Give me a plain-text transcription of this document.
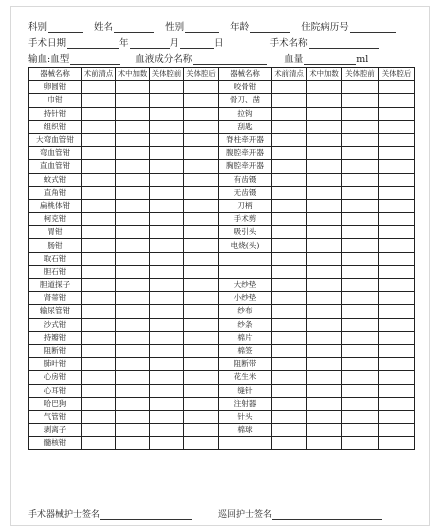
科别	姓名	性别	年龄	住院病历号
手术日期	年	月	日	手术名称
输血:血型	血液成分名称	血量	ml
器械名称	术前清点	术中加数	关体腔前	关体腔后	器械名称	术前清点	术中加数	关体腔前	关体腔后
卵圆钳					咬骨钳				
巾钳					骨刀、凿				
持针钳					拉钩				
组织钳					刮匙				
大弯血管钳					脊柱牵开器				
弯血管钳					腹腔牵开器				
直血管钳					胸腔牵开器				
蚊式钳					有齿镊				
直角钳					无齿镊				
扁桃体钳					刀柄				
柯克钳					手术剪				
胃钳					吸引头				
肠钳					电烧(头)				
取石钳									
胆石钳									
胆道探子					大纱垫				
肾蒂钳					小纱垫				
输尿管钳					纱布				
沙式钳					纱条				
持瓣钳					棉片				
阻断钳					棉签				
肺叶钳					阻断带				
心房钳					花生米				
心耳钳					缝针				
哈巴狗					注射器				
气管钳					针头				
剥离子					棉球				
髓核钳									
手术器械护士签名	巡回护士签名
